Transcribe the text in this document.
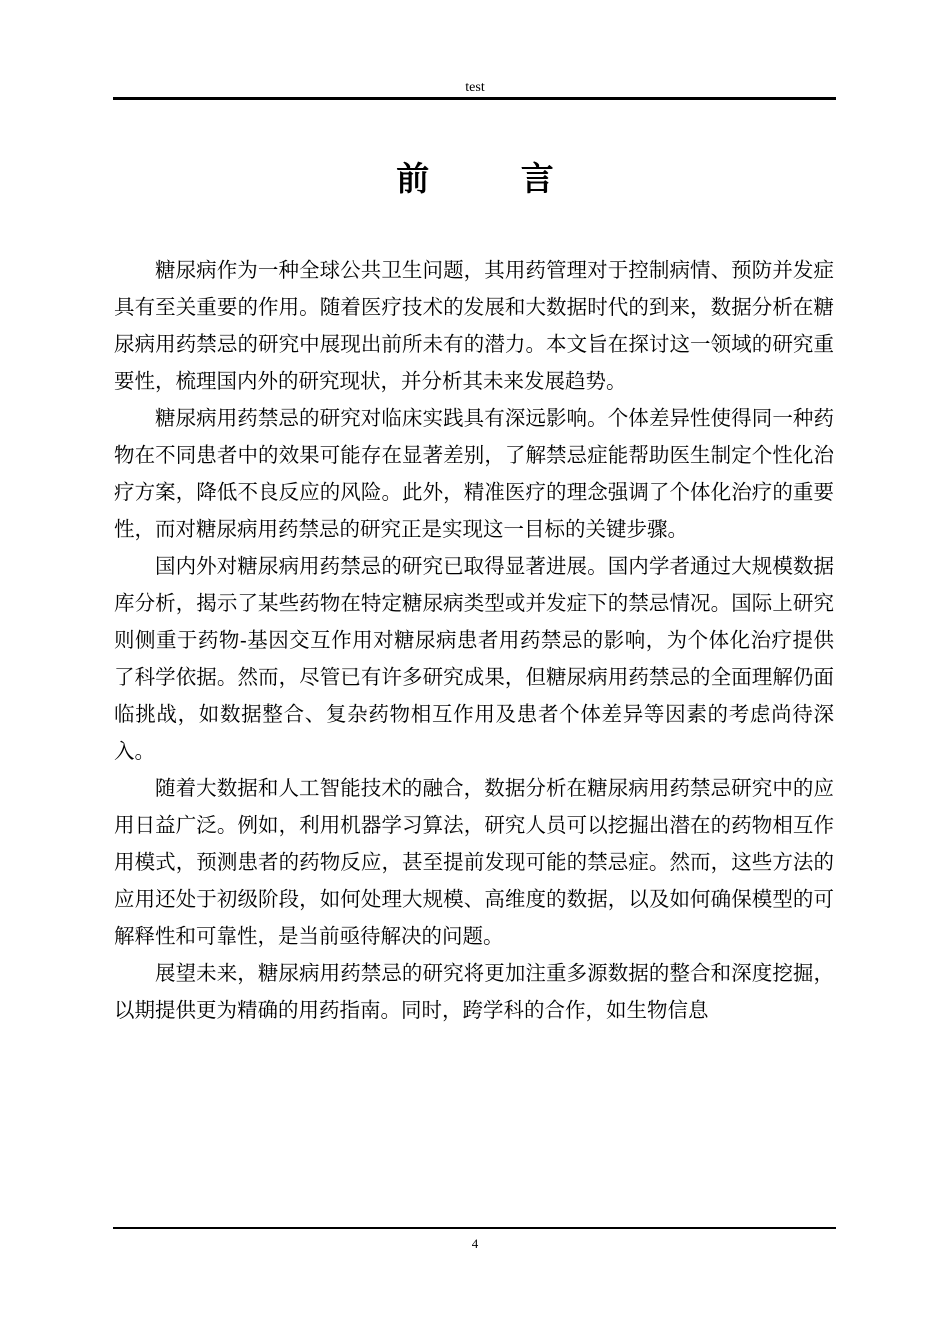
test
前 言

糖尿病作为一种全球公共卫生问题，其用药管理对于控制病情、预防并发症具有至关重要的作用。随着医疗技术的发展和大数据时代的到来，数据分析在糖尿病用药禁忌的研究中展现出前所未有的潜力。本文旨在探讨这一领域的研究重要性，梳理国内外的研究现状，并分析其未来发展趋势。

糖尿病用药禁忌的研究对临床实践具有深远影响。个体差异性使得同一种药物在不同患者中的效果可能存在显著差别，了解禁忌症能帮助医生制定个性化治疗方案，降低不良反应的风险。此外，精准医疗的理念强调了个体化治疗的重要性，而对糖尿病用药禁忌的研究正是实现这一目标的关键步骤。

国内外对糖尿病用药禁忌的研究已取得显著进展。国内学者通过大规模数据库分析，揭示了某些药物在特定糖尿病类型或并发症下的禁忌情况。国际上研究则侧重于药物-基因交互作用对糖尿病患者用药禁忌的影响，为个体化治疗提供了科学依据。然而，尽管已有许多研究成果，但糖尿病用药禁忌的全面理解仍面临挑战，如数据整合、复杂药物相互作用及患者个体差异等因素的考虑尚待深入。

随着大数据和人工智能技术的融合，数据分析在糖尿病用药禁忌研究中的应用日益广泛。例如，利用机器学习算法，研究人员可以挖掘出潜在的药物相互作用模式，预测患者的药物反应，甚至提前发现可能的禁忌症。然而，这些方法的应用还处于初级阶段，如何处理大规模、高维度的数据，以及如何确保模型的可解释性和可靠性，是当前亟待解决的问题。

展望未来，糖尿病用药禁忌的研究将更加注重多源数据的整合和深度挖掘，以期提供更为精确的用药指南。同时，跨学科的合作，如生物信息

4
